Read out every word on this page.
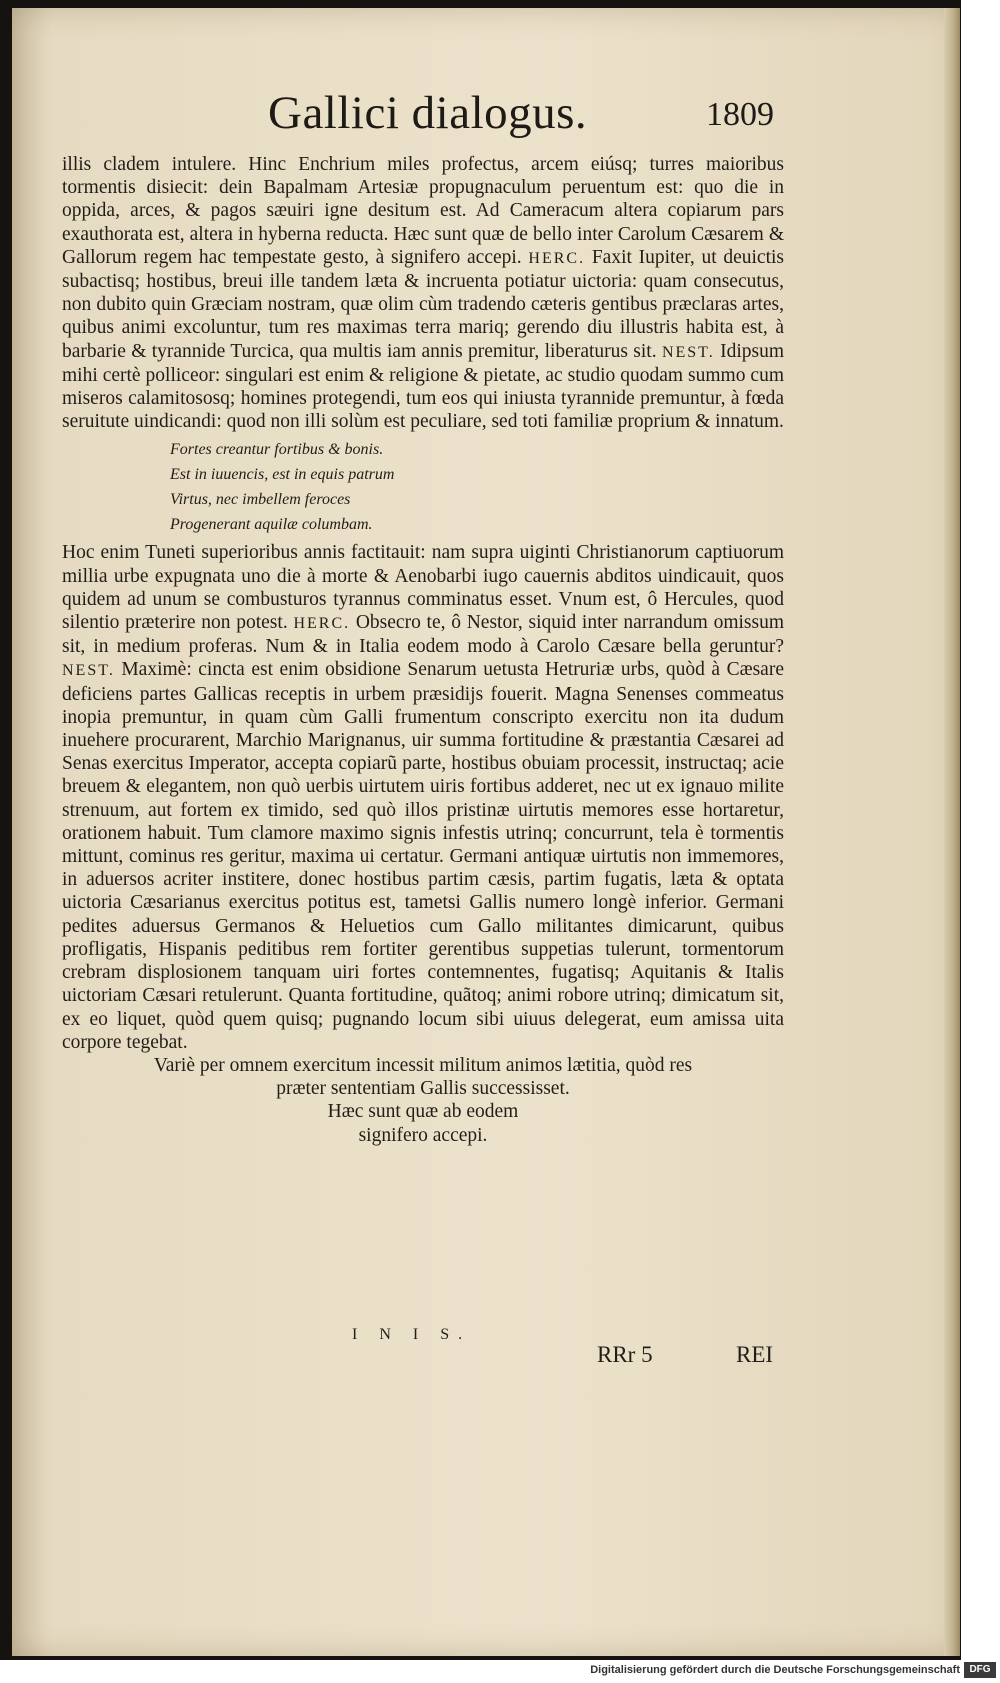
Gallici dialogus.	1809

illis cladem intulere. Hinc Enchrium miles profectus, arcem eiúsq; turres maioribus tormentis disiecit: dein Bapalmam Artesiæ propugnaculum peruentum est: quo die in oppida, arces, & pagos sæuiri igne desitum est. Ad Cameracum altera copiarum pars exauthorata est, altera in hyberna reducta. Hæc sunt quæ de bello inter Carolum Cæsarem & Gallorum regem hac tempestate gesto, à signifero accepi. HERC. Faxit Iupiter, ut deuictis subactisq; hostibus, breui ille tandem læta & incruenta potiatur uictoria: quam consecutus, non dubito quin Græciam nostram, quæ olim cùm tradendo cæteris gentibus præclaras artes, quibus animi excoluntur, tum res maximas terra mariq; gerendo diu illustris habita est, à barbarie & tyrannide Turcica, qua multis iam annis premitur, liberaturus sit. NEST. Idipsum mihi certè polliceor: singulari est enim & religione & pietate, ac studio quodam summo cum miseros calamitososq; homines protegendi, tum eos qui iniusta tyrannide premuntur, à fœda seruitute uindicandi: quod non illi solùm est peculiare, sed toti familiæ proprium & innatum.

Fortes creantur fortibus & bonis.
Est in iuuencis, est in equis patrum
Virtus, nec imbellem feroces
Progenerant aquilæ columbam.

Hoc enim Tuneti superioribus annis factitauit: nam supra uiginti Christianorum captiuorum millia urbe expugnata uno die à morte & Aenobarbi iugo cauernis abditos uindicauit, quos quidem ad unum se combusturos tyrannus comminatus esset. Vnum est, ô Hercules, quod silentio præterire non potest. HERC. Obsecro te, ô Nestor, siquid inter narrandum omissum sit, in medium proferas. Num & in Italia eodem modo à Carolo Cæsare bella geruntur? NEST. Maximè: cincta est enim obsidione Senarum uetusta Hetruriæ urbs, quòd à Cæsare deficiens partes Gallicas receptis in urbem præsidijs fouerit. Magna Senenses commeatus inopia premuntur, in quam cùm Galli frumentum conscripto exercitu non ita dudum inuehere procurarent, Marchio Marignanus, uir summa fortitudine & præstantia Cæsarei ad Senas exercitus Imperator, accepta copiarũ parte, hostibus obuiam processit, instructaq; acie breuem & elegantem, non quò uerbis uirtutem uiris fortibus adderet, nec ut ex ignauo milite strenuum, aut fortem ex timido, sed quò illos pristinæ uirtutis memores esse hortaretur, orationem habuit. Tum clamore maximo signis infestis utrinq; concurrunt, tela è tormentis mittunt, cominus res geritur, maxima ui certatur. Germani antiquæ uirtutis non immemores, in aduersos acriter institere, donec hostibus partim cæsis, partim fugatis, læta & optata uictoria Cæsarianus exercitus potitus est, tametsi Gallis numero longè inferior. Germani pedites aduersus Germanos & Heluetios cum Gallo militantes dimicarunt, quibus profligatis, Hispanis peditibus rem fortiter gerentibus suppetias tulerunt, tormentorum crebram displosionem tanquam uiri fortes contemnentes, fugatisq; Aquitanis & Italis uictoriam Cæsari retulerunt. Quanta fortitudine, quãtoq; animi robore utrinq; dimicatum sit, ex eo liquet, quòd quem quisq; pugnando locum sibi uiuus delegerat, eum amissa uita corpore tegebat.

Variè per omnem exercitum incessit militum animos lætitia, quòd res præter sententiam Gallis successisset.

Hæc sunt quæ ab eodem signifero accepi.

I N I S.
RRr 5	REI
Digitalisierung gefördert durch die Deutsche Forschungsgemeinschaft DFG
